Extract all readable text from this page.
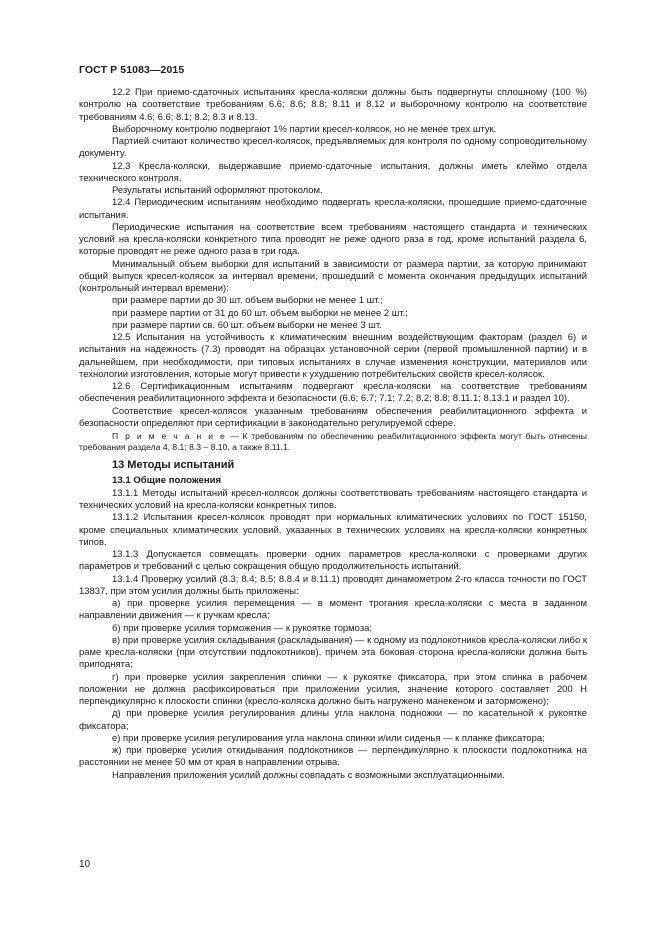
ГОСТ Р 51083—2015

12.2 При приемо-сдаточных испытаниях кресла-коляски должны быть подвергнуты сплошному (100 %) контролю на соответствие требованиям 6.6; 8.6; 8.8; 8.11 и 8.12 и выборочному контролю на соответствие требованиям 4.6; 6.6; 8.1; 8.2; 8.3 и 8.13.

Выборочному контролю подвергают 1% партии кресел-колясок, но не менее трех штук.

Партией считают количество кресел-колясок, предъявляемых для контроля по одному сопроводительному документу.

12.3 Кресла-коляски, выдержавшие приемо-сдаточные испытания, должны иметь клеймо отдела технического контроля.

Результаты испытаний оформляют протоколом.

12.4 Периодическим испытаниям необходимо подвергать кресла-коляски, прошедшие приемо-сдаточные испытания.

Периодические испытания на соответствие всем требованиям настоящего стандарта и технических условий на кресла-коляски конкретного типа проводят не реже одного раза в год, кроме испытаний раздела 6, которые проводят не реже одного раза в три года.

Минимальный объем выборки для испытаний в зависимости от размера партии, за которую принимают общий выпуск кресел-колясок за интервал времени, прошедший с момента окончания предыдущих испытаний (контрольный интервал времени):

при размере партии до 30 шт. объем выборки не менее 1 шт.;

при размере партии от 31 до 60 шт. объем выборки не менее 2 шт.;

при размере партии св. 60 шт. объем выборки не менее 3 шт.

12.5 Испытания на устойчивость к климатическим внешним воздействующим факторам (раздел 6) и испытания на надежность (7.3) проводят на образцах установочной серии (первой промышленной партии) и в дальнейшем, при необходимости, при типовых испытаниях в случае изменения конструкции, материалов или технологии изготовления, которые могут привести к ухудшению потребительских свойств кресел-колясок.

12.6 Сертификационным испытаниям подвергают кресла-коляски на соответствие требованиям обеспечения реабилитационного эффекта и безопасности (6.6; 6.7; 7.1; 7.2; 8.2; 8.8; 8.11.1; 8.13.1 и раздел 10).

Соответствие кресел-колясок указанным требованиям обеспечения реабилитационного эффекта и безопасности определяют при сертификации в законодательно регулируемой сфере.

П р и м е ч а н и е — К требованиям по обеспечению реабилитационного эффекта могут быть отнесены требования раздела 4, 8.1; 8.3 – 8.10, а также 8.11.1.

13 Методы испытаний
13.1 Общие положения

13.1.1 Методы испытаний кресел-колясок должны соответствовать требованиям настоящего стандарта и технических условий на кресла-коляски конкретных типов.

13.1.2 Испытания кресел-колясок проводят при нормальных климатических условиях по ГОСТ 15150, кроме специальных климатических условий, указанных в технических условиях на кресла-коляски конкретных типов.

13.1.3 Допускается совмещать проверки одних параметров кресла-коляски с проверками других параметров и требований с целью сокращения общую продолжительность испытаний.

13.1.4 Проверку усилий (8.3; 8.4; 8.5; 8.8.4 и 8.11.1) проводят динамометром 2-го класса точности по ГОСТ 13837, при этом усилия должны быть приложены:

а) при проверке усилия перемещения — в момент трогания кресла-коляски с места в заданном направлении движения — к ручкам кресла;

б) при проверке усилия торможения — к рукоятке тормоза;

в) при проверке усилия складывания (раскладывания) — к одному из подлокотников кресла-коляски либо к раме кресла-коляски (при отсутствии подлокотников), причем эта боковая сторона кресла-коляски должна быть приподнята;

г) при проверке усилия закрепления спинки — к рукоятке фиксатора, при этом спинка в рабочем положении не должна расфиксироваться при приложении усилия, значение которого составляет 200 Н перпендикулярно к плоскости спинки (кресло-коляска должно быть нагружено манекеном и заторможено);

д) при проверке усилия регулирования длины угла наклона подножки — по касательной к рукоятке фиксатора;

е) при проверке усилия регулирования угла наклона спинки и/или сиденья — к планке фиксатора;

ж) при проверке усилия откидывания подлокотников — перпендикулярно к плоскости подлокотника на расстоянии не менее 50 мм от края в направлении отрыва.

Направления приложения усилий должны совпадать с возможными эксплуатационными.

10
